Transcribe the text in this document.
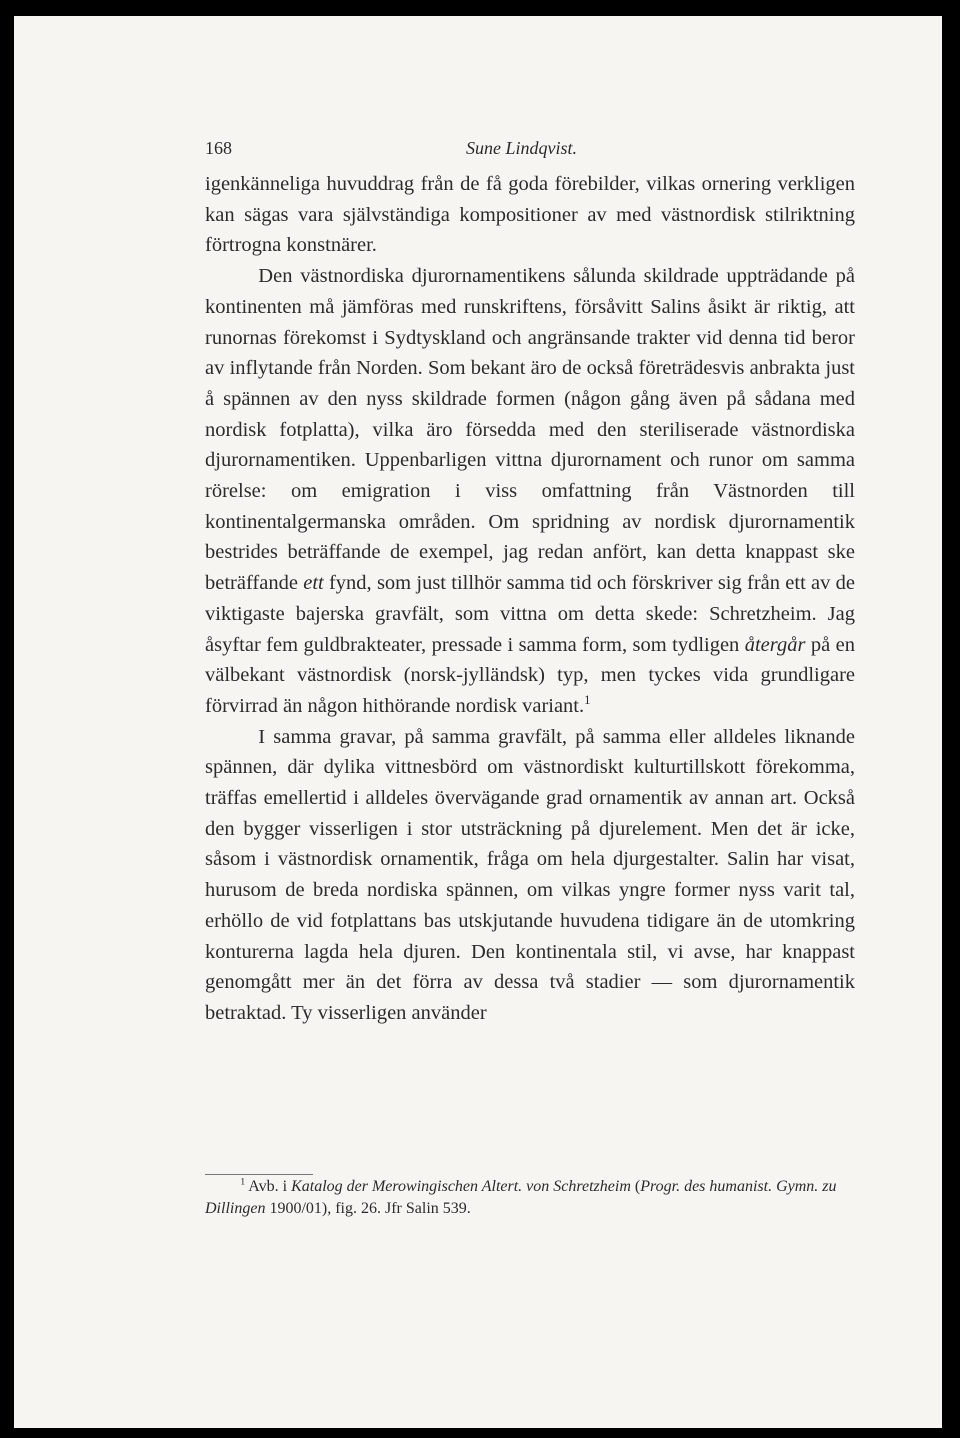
168	Sune Lindqvist.

igenkänneliga huvuddrag från de få goda förebilder, vilkas ornering verkligen kan sägas vara självständiga kompositioner av med västnordisk stilriktning förtrogna konstnärer.

Den västnordiska djurornamentikens sålunda skildrade uppträdande på kontinenten må jämföras med runskriftens, försåvitt Salins åsikt är riktig, att runornas förekomst i Sydtyskland och angränsande trakter vid denna tid beror av inflytande från Norden. Som bekant äro de också företrädesvis anbrakta just å spännen av den nyss skildrade formen (någon gång även på sådana med nordisk fotplatta), vilka äro försedda med den steriliserade västnordiska djurornamentiken. Uppenbarligen vittna djurornament och runor om samma rörelse: om emigration i viss omfattning från Västnorden till kontinentalgermanska områden. Om spridning av nordisk djurornamentik bestrides beträffande de exempel, jag redan anfört, kan detta knappast ske beträffande ett fynd, som just tillhör samma tid och förskriver sig från ett av de viktigaste bajerska gravfält, som vittna om detta skede: Schretzheim. Jag åsyftar fem guldbrakteater, pressade i samma form, som tydligen återgår på en välbekant västnordisk (norsk-jylländsk) typ, men tyckes vida grundligare förvirrad än någon hithörande nordisk variant.$^1$

I samma gravar, på samma gravfält, på samma eller alldeles liknande spännen, där dylika vittnesbörd om västnordiskt kulturtillskott förekomma, träffas emellertid i alldeles övervägande grad ornamentik av annan art. Också den bygger visserligen i stor utsträckning på djurelement. Men det är icke, såsom i västnordisk ornamentik, fråga om hela djurgestalter. Salin har visat, hurusom de breda nordiska spännen, om vilkas yngre former nyss varit tal, erhöllo de vid fotplattans bas utskjutande huvudena tidigare än de utomkring konturerna lagda hela djuren. Den kontinentala stil, vi avse, har knappast genomgått mer än det förra av dessa två stadier — som djurornamentik betraktad. Ty visserligen använder

$^1$ Avb. i Katalog der Merowingischen Altert. von Schretzheim (Progr. des humanist. Gymn. zu Dillingen 1900/01), fig. 26. Jfr Salin 539.
